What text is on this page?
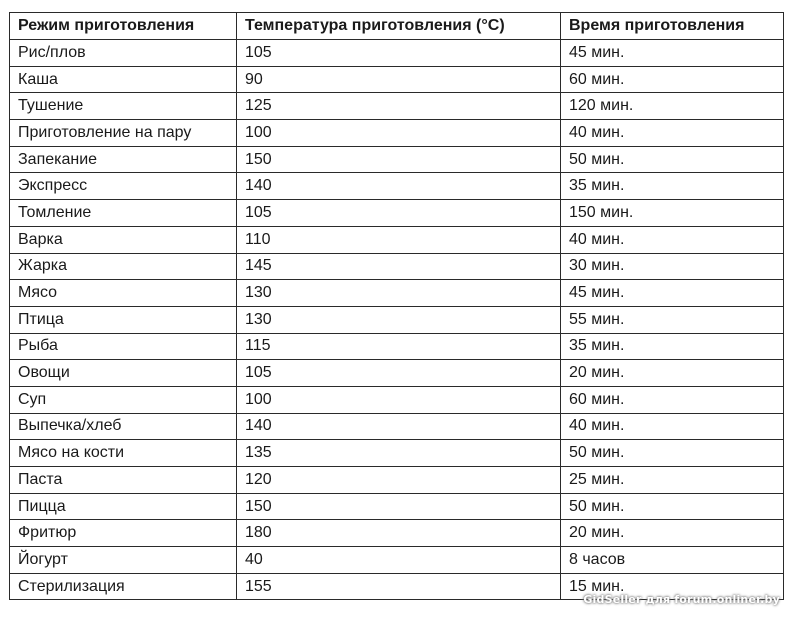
Режим приготовления	Температура приготовления (°C)	Время приготовления
Рис/плов	105	45 мин.
Каша	90	60 мин.
Тушение	125	120 мин.
Приготовление на пару	100	40 мин.
Запекание	150	50 мин.
Экспресс	140	35 мин.
Томление	105	150 мин.
Варка	110	40 мин.
Жарка	145	30 мин.
Мясо	130	45 мин.
Птица	130	55 мин.
Рыба	115	35 мин.
Овощи	105	20 мин.
Суп	100	60 мин.
Выпечка/хлеб	140	40 мин.
Мясо на кости	135	50 мин.
Паста	120	25 мин.
Пицца	150	50 мин.
Фритюр	180	20 мин.
Йогурт	40	8 часов
Стерилизация	155	15 мин.
GidSeller для forum.onliner.by
